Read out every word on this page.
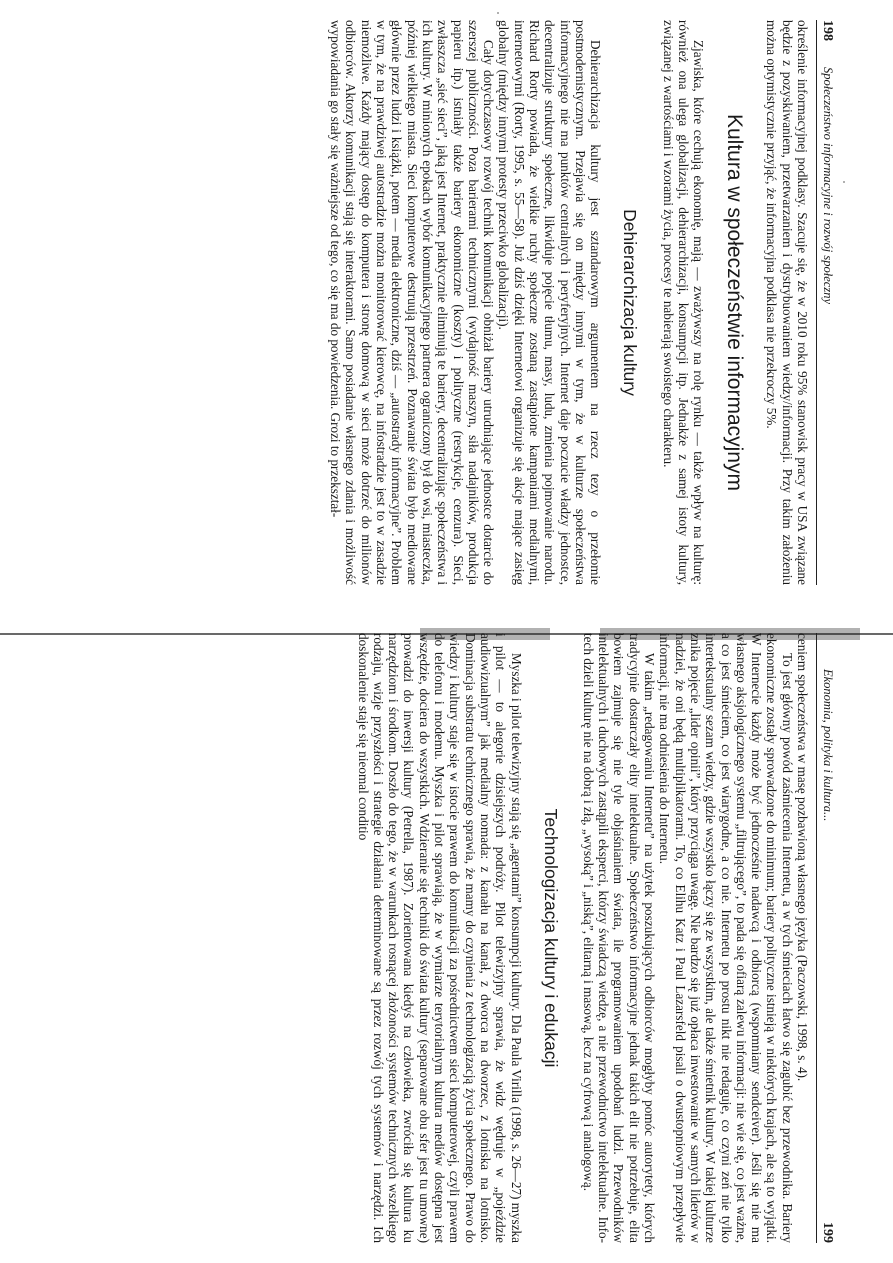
198
Społeczeństwo informacyjne i rozwój społeczny

określenie informacyjnej podklasy. Szacuje się, że w 2010 roku 95% stanowisk pracy w USA związane będzie z pozyskiwaniem, przetwarzaniem i dystrybuowaniem wiedzy/informacji. Przy takim założeniu można optymistycznie przyjąć, że informacyjna podklasa nie przekroczy 5%.

Kultura w społeczeństwie informacyjnym

Zjawiska, które cechują ekonomię, mają — zważywszy na rolę rynku — także wpływ na kulturę: również ona ulega globalizacji, dehierarchizacji, konsumpcji itp. Jednakże z samej istoty kultury, związanej z wartościami i wzorami życia, procesy te nabierają swoistego charakteru.

Dehierarchizacja kultury

Dehierarchizacja kultury jest sztandarowym argumentem na rzecz tezy o przełomie postmodernistycznym. Przejawia się on między innymi w tym, że w kulturze społeczeństwa informacyjnego nie ma punktów centralnych i peryferyjnych. Internet daje poczucie władzy jednostce, decentralizuje struktury społeczne, likwiduje pojęcie tłumu, masy, ludu, zmienia pojmowanie narodu. Richard Rorty powiada, że wielkie ruchy społeczne zostaną zastąpione kampaniami medialnymi, internetowymi (Rorty, 1995, s. 55—58). Już dziś dzięki Internetowi organizuje się akcje mające zasięg globalny (między innymi protesty przeciwko globalizacji).

Cały dotychczasowy rozwój technik komunikacji obniżał bariery utrudniające jednostce dotarcie do szerszej publiczności. Poza barierami technicznymi (wydajność maszyn, siła nadajników, produkcja papieru itp.) istniały także bariery ekonomiczne (koszty) i polityczne (restrykcje, cenzura). Sieci, zwłaszcza „sieć sieci”, jaką jest Internet, praktycznie eliminują te bariery, decentralizując społeczeństwa i ich kultury. W minionych epokach wybór komunikacyjnego partnera ograniczony był do wsi, miasteczka, później wielkiego miasta. Sieci komputerowe destruują przestrzeń. Poznawanie świata było mediowane głównie przez ludzi i książki, potem — media elektroniczne, dziś — „autostrady informacyjne”. Problem w tym, że na prawdziwej autostradzie można monitorować kierowcę, na infostradzie jest to w zasadzie niemożliwe. Każdy mający dostęp do komputera i stronę domową w sieci może dotrzeć do milionów odbiorców. Aktorzy komunikacji stają się interaktorami. Samo posiadanie własnego zdania i możliwość wypowiadania go stały się ważniejsze od tego, co się ma do powiedzenia. Grozi to przekształ-

Ekonomia, polityka i kultura...
199

ceniem społeczeństwa w masę pozbawioną własnego języka (Paczowski, 1998, s. 4).

To jest główny powód zaśmiecenia Internetu, a w tych śmieciach łatwo się zagubić bez przewodnika. Bariery ekonomiczne zostały sprowadzone do minimum; bariery polityczne istnieją w niektórych krajach, ale są to wyjątki. W Internecie każdy może być jednocześnie nadawcą i odbiorcą (wspomniany sendceiver). Jeśli się nie ma własnego aksjologicznego systemu „filtrującego”, to pada się ofiarą zalewu informacji: nie wie się, co jest ważne, a co jest śmieciem, co jest wiarygodne, a co nie. Internetu po prostu nikt nie redaguje, co czyni zeń nie tylko intertekstualny sezam wiedzy, gdzie wszystko łączy się ze wszystkim, ale także śmietnik kultury. W takiej kulturze znika pojęcie „lider opinii”, który przyciąga uwagę. Nie bardzo się już opłaca inwestowanie w samych liderów w nadziei, że oni będą multiplikatorami. To, co Elihu Katz i Paul Lazarsfeld pisali o dwustopniowym przepływie informacji, nie ma odniesienia do Internetu.

W takim „redagowaniu Internetu” na użytek poszukujących odbiorców mogłyby pomóc autorytety, których tradycyjnie dostarczały elity intelektualne. Społeczeństwo informacyjne jednak takich elit nie potrzebuje, elita bowiem zajmuje się nie tyle objaśnianiem świata, ile programowaniem upodobań ludzi. Przewodników intelektualnych i duchowych zastąpili eksperci, którzy świadczą wiedzę, a nie przewodnictwo intelektualne. Info-tech dzieli kulturę nie na dobrą i złą, „wysoką” i „niską”, elitarną i masową, lecz na cyfrową i analogową.

Technologizacja kultury i edukacji

Myszka i pilot telewizyjny stają się „agentami” konsumpcji kultury. Dla Paula Virilla (1998, s. 26—27) myszka i pilot — to alegorie dzisiejszych podróży. Pilot telewizyjny sprawia, że widz wędruje w „pojeździe audiowizualnym” jak medialny nomada: z kanału na kanał, z dworca na dworzec, z lotniska na lotnisko. Dominacja substratu technicznego sprawia, że mamy do czynienia z technologizacją życia społecznego. Prawo do wiedzy i kultury staje się w istocie prawem do komunikacji za pośrednictwem sieci komputerowej, czyli prawem do telefonu i modemu. Myszka i pilot sprawiają, że w wymiarze terytorialnym kultura mediów dostępna jest wszędzie, dociera do wszystkich. Wdzieranie się techniki do świata kultury (separowane obu sfer jest tu umowne) prowadzi do inwersji kultury (Petrella, 1987). Zorientowana kiedyś na człowieka, zwróciła się kultura ku narzędziom i środkom. Doszło do tego, że w warunkach rosnącej złożoności systemów technicznych wszelkiego rodzaju, wizje przyszłości i strategie działania determinowane są przez rozwój tych systemów i narzędzi. Ich doskonalenie staje się nieomal conditio
